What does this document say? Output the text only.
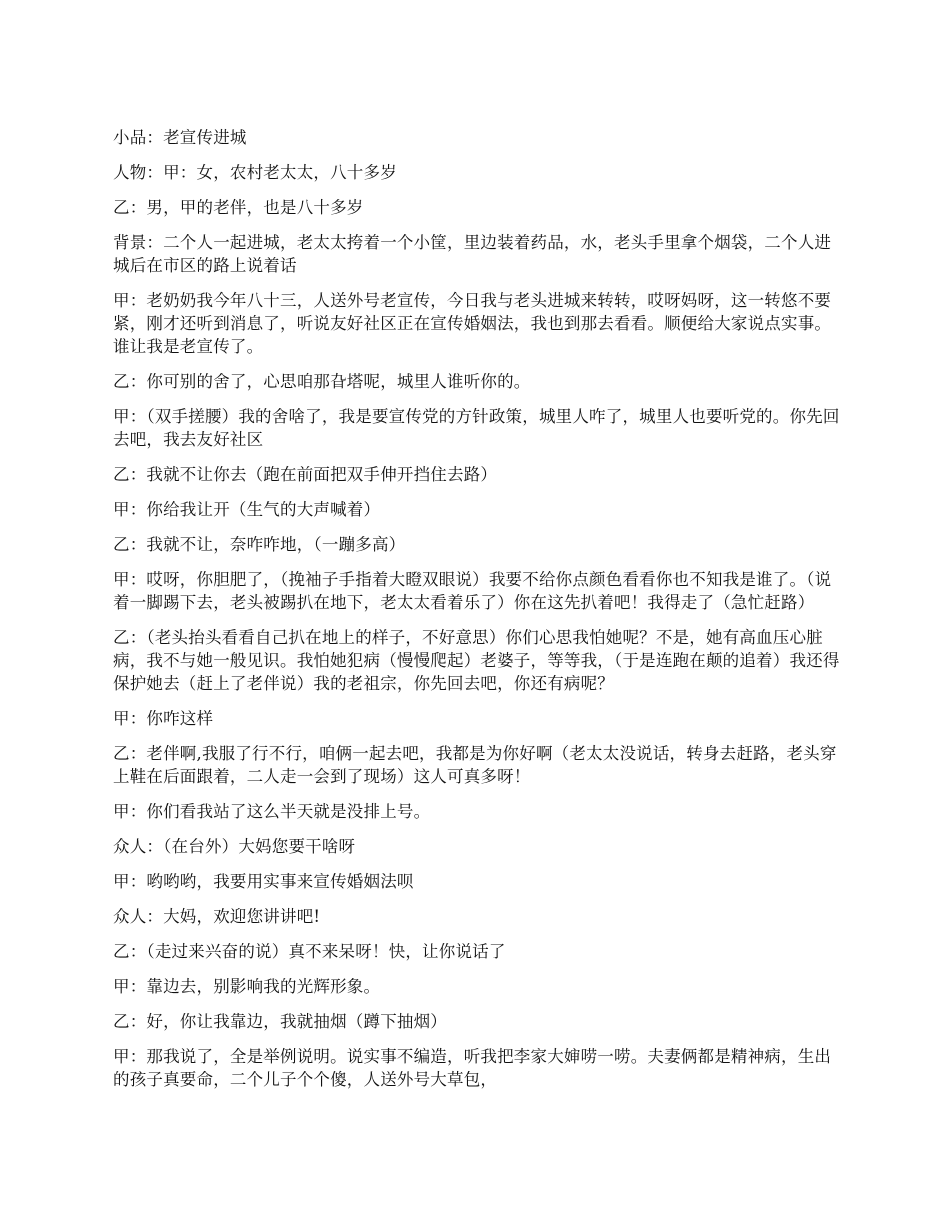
小品：老宣传进城

人物：甲：女，农村老太太，八十多岁

乙：男，甲的老伴，也是八十多岁

背景：二个人一起进城，老太太挎着一个小筐，里边装着药品，水，老头手里拿个烟袋，二个人进城后在市区的路上说着话

甲：老奶奶我今年八十三，人送外号老宣传，今日我与老头进城来转转，哎呀妈呀，这一转悠不要紧，刚才还听到消息了，听说友好社区正在宣传婚姻法，我也到那去看看。顺便给大家说点实事。谁让我是老宣传了。

乙：你可别的舍了，心思咱那旮塔呢，城里人谁听你的。

甲：（双手搓腰）我的舍啥了，我是要宣传党的方针政策，城里人咋了，城里人也要听党的。你先回去吧，我去友好社区

乙：我就不让你去（跑在前面把双手伸开挡住去路）

甲：你给我让开（生气的大声喊着）

乙：我就不让，奈咋咋地，（一蹦多高）

甲：哎呀，你胆肥了，（挽袖子手指着大瞪双眼说）我要不给你点颜色看看你也不知我是谁了。（说着一脚踢下去，老头被踢扒在地下，老太太看着乐了）你在这先扒着吧！我得走了（急忙赶路）

乙：（老头抬头看看自己扒在地上的样子，不好意思）你们心思我怕她呢？不是，她有高血压心脏病，我不与她一般见识。我怕她犯病（慢慢爬起）老婆子，等等我，（于是连跑在颠的追着）我还得保护她去（赶上了老伴说）我的老祖宗，你先回去吧，你还有病呢？

甲：你咋这样

乙：老伴啊,我服了行不行，咱俩一起去吧，我都是为你好啊（老太太没说话，转身去赶路，老头穿上鞋在后面跟着，二人走一会到了现场）这人可真多呀！

甲：你们看我站了这么半天就是没排上号。

众人：（在台外）大妈您要干啥呀

甲：哟哟哟，我要用实事来宣传婚姻法呗

众人：大妈，欢迎您讲讲吧!

乙：（走过来兴奋的说）真不来呆呀！快，让你说话了

甲：靠边去，别影响我的光辉形象。

乙：好，你让我靠边，我就抽烟（蹲下抽烟）

甲：那我说了，全是举例说明。说实事不编造，听我把李家大婶唠一唠。夫妻俩都是精神病，生出的孩子真要命，二个儿子个个傻，人送外号大草包，
